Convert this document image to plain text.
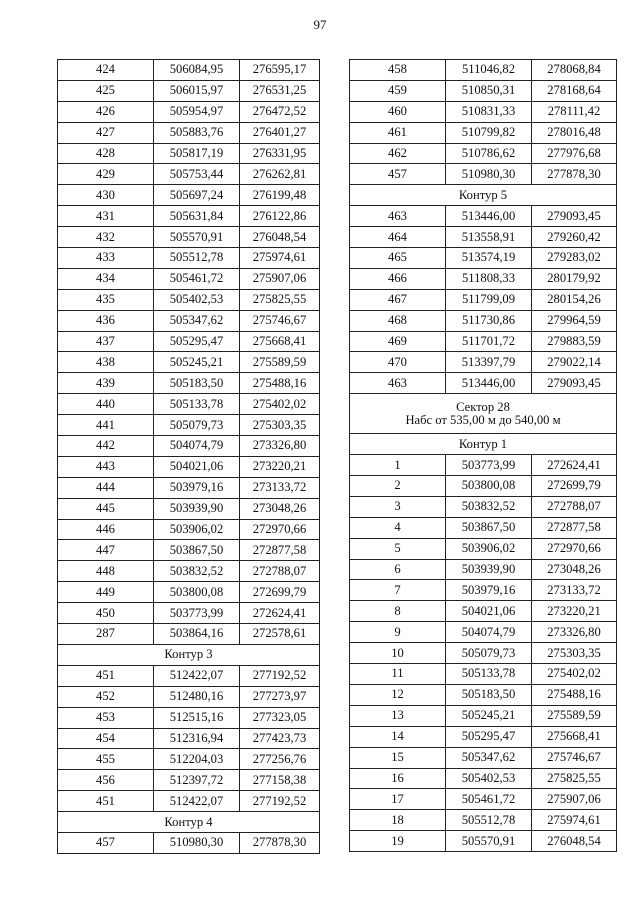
97
424	506084,95	276595,17
425	506015,97	276531,25
426	505954,97	276472,52
427	505883,76	276401,27
428	505817,19	276331,95
429	505753,44	276262,81
430	505697,24	276199,48
431	505631,84	276122,86
432	505570,91	276048,54
433	505512,78	275974,61
434	505461,72	275907,06
435	505402,53	275825,55
436	505347,62	275746,67
437	505295,47	275668,41
438	505245,21	275589,59
439	505183,50	275488,16
440	505133,78	275402,02
441	505079,73	275303,35
442	504074,79	273326,80
443	504021,06	273220,21
444	503979,16	273133,72
445	503939,90	273048,26
446	503906,02	272970,66
447	503867,50	272877,58
448	503832,52	272788,07
449	503800,08	272699,79
450	503773,99	272624,41
287	503864,16	272578,61
Контур 3		
451	512422,07	277192,52
452	512480,16	277273,97
453	512515,16	277323,05
454	512316,94	277423,73
455	512204,03	277256,76
456	512397,72	277158,38
451	512422,07	277192,52
Контур 4		
457	510980,30	277878,30
458	511046,82	278068,84
459	510850,31	278168,64
460	510831,33	278111,42
461	510799,82	278016,48
462	510786,62	277976,68
457	510980,30	277878,30
Контур 5		
463	513446,00	279093,45
464	513558,91	279260,42
465	513574,19	279283,02
466	511808,33	280179,92
467	511799,09	280154,26
468	511730,86	279964,59
469	511701,72	279883,59
470	513397,79	279022,14
463	513446,00	279093,45

Сектор 28
Набс от 535,00 м до 540,00 м		

Контур 1		
1	503773,99	272624,41
2	503800,08	272699,79
3	503832,52	272788,07
4	503867,50	272877,58
5	503906,02	272970,66
6	503939,90	273048,26
7	503979,16	273133,72
8	504021,06	273220,21
9	504074,79	273326,80
10	505079,73	275303,35
11	505133,78	275402,02
12	505183,50	275488,16
13	505245,21	275589,59
14	505295,47	275668,41
15	505347,62	275746,67
16	505402,53	275825,55
17	505461,72	275907,06
18	505512,78	275974,61
19	505570,91	276048,54
